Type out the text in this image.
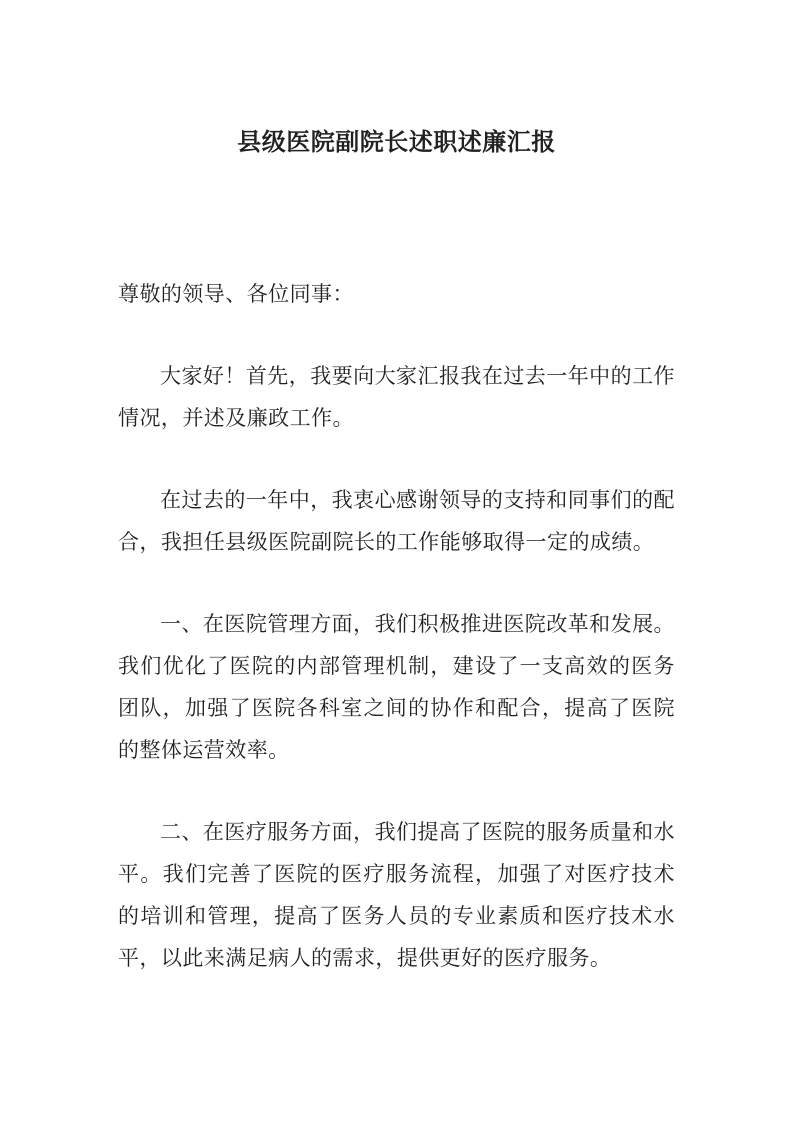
县级医院副院长述职述廉汇报

尊敬的领导、各位同事：

大家好！首先，我要向大家汇报我在过去一年中的工作情况，并述及廉政工作。

在过去的一年中，我衷心感谢领导的支持和同事们的配合，我担任县级医院副院长的工作能够取得一定的成绩。

一、在医院管理方面，我们积极推进医院改革和发展。我们优化了医院的内部管理机制，建设了一支高效的医务团队，加强了医院各科室之间的协作和配合，提高了医院的整体运营效率。

二、在医疗服务方面，我们提高了医院的服务质量和水平。我们完善了医院的医疗服务流程，加强了对医疗技术的培训和管理，提高了医务人员的专业素质和医疗技术水平，以此来满足病人的需求，提供更好的医疗服务。
